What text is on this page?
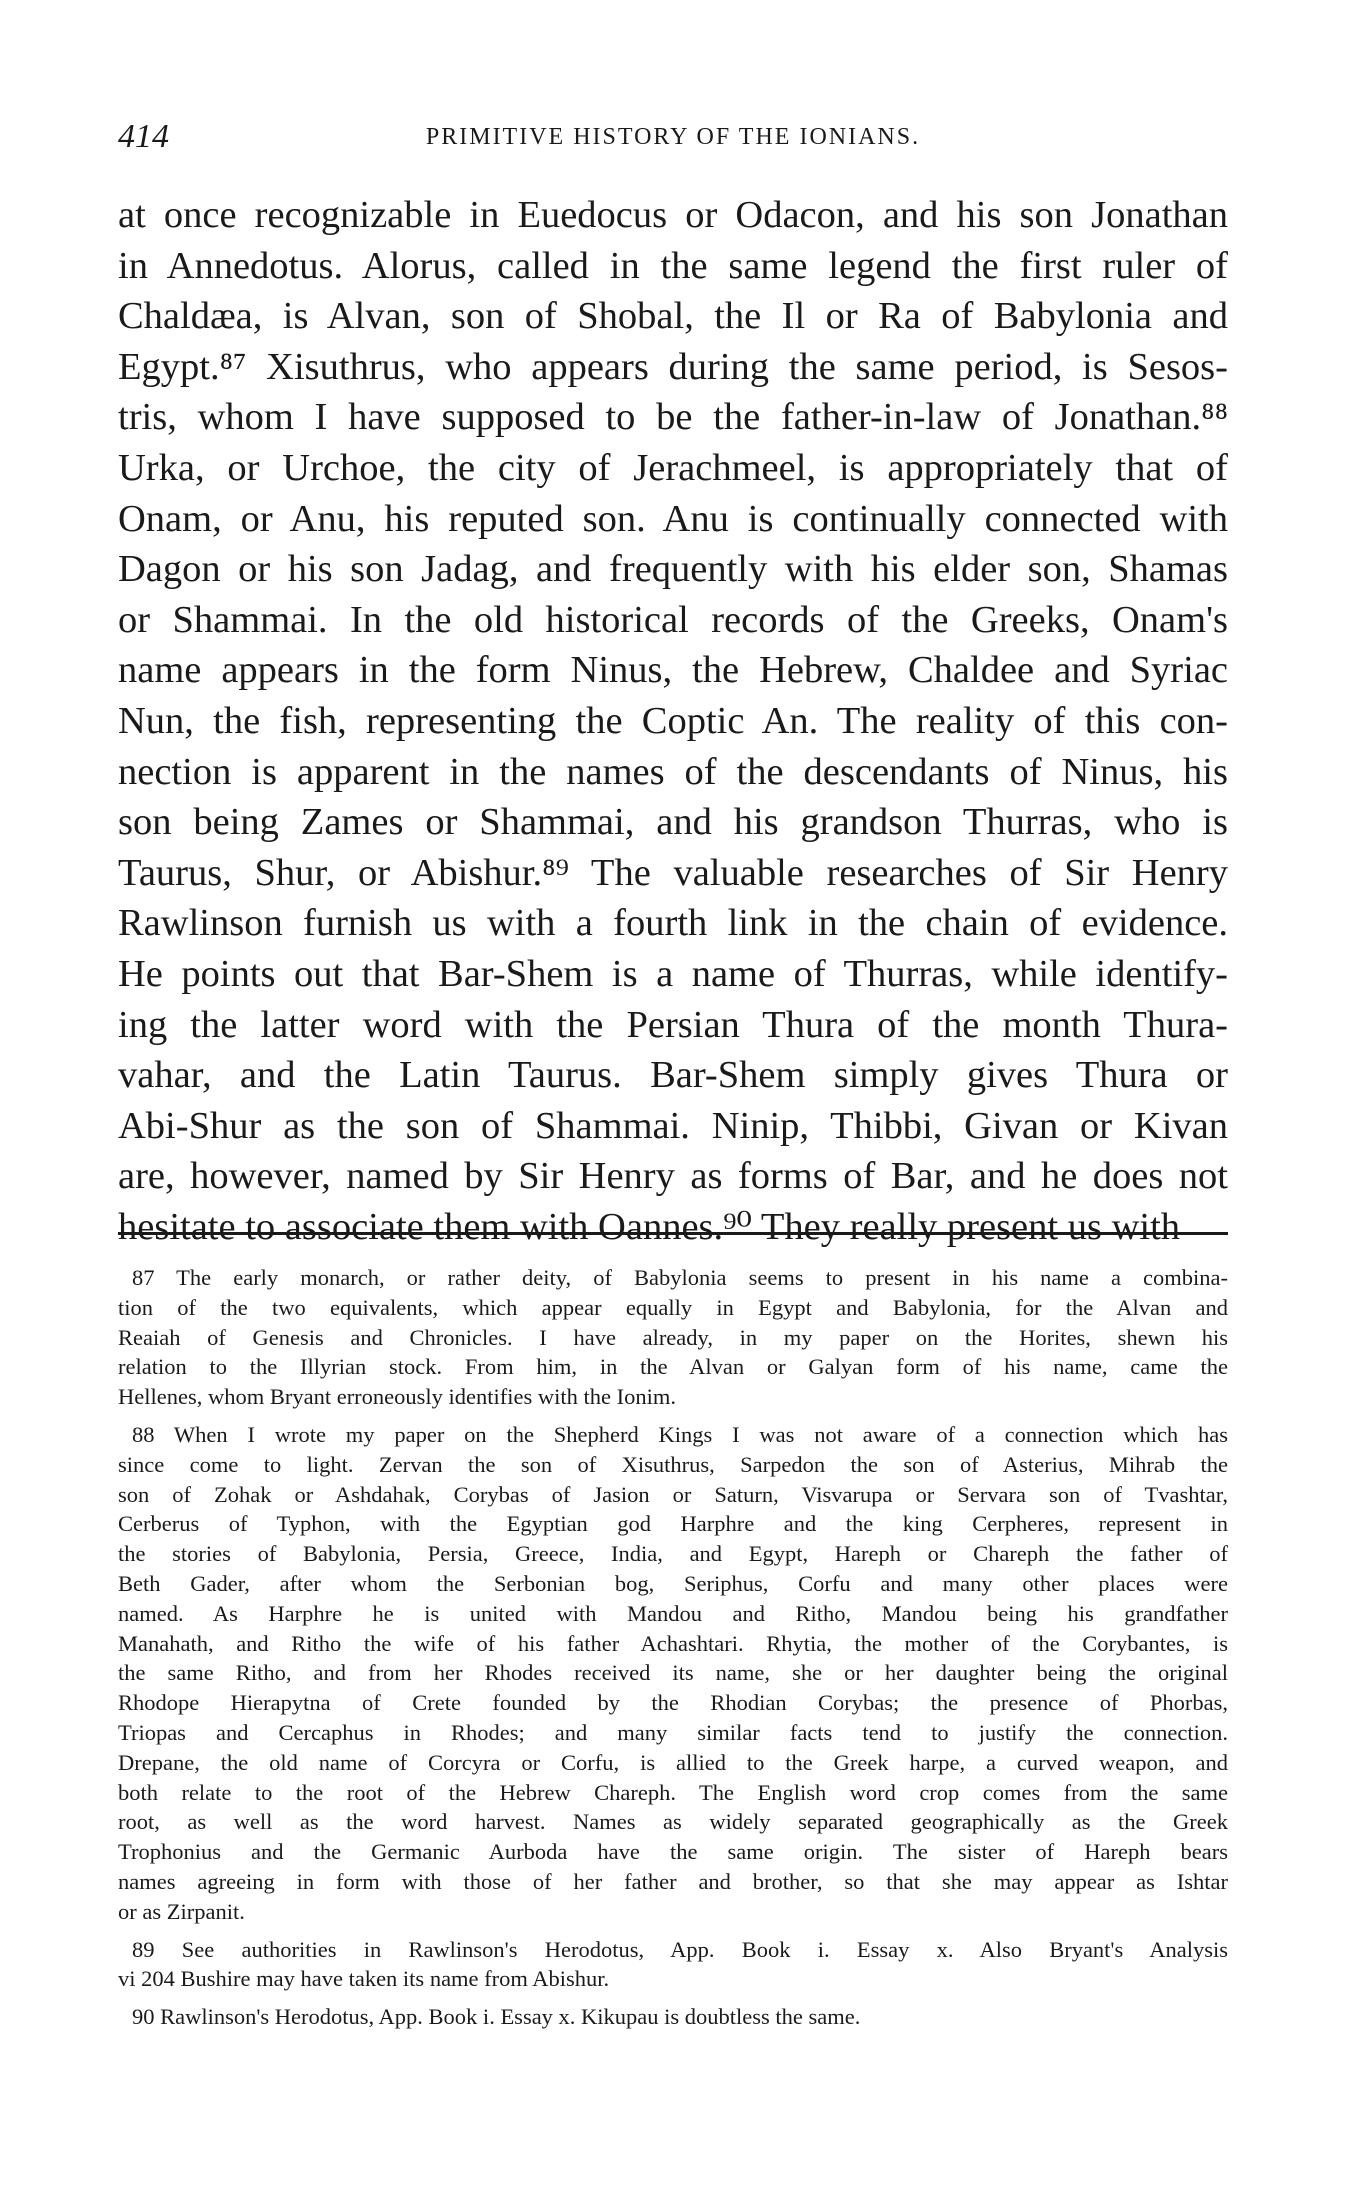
414	PRIMITIVE HISTORY OF THE IONIANS.
at once recognizable in Euedocus or Odacon, and his son Jonathan
in Annedotus. Alorus, called in the same legend the first ruler of
Chaldæa, is Alvan, son of Shobal, the Il or Ra of Babylonia and
Egypt.⁸⁷ Xisuthrus, who appears during the same period, is Sesos-
tris, whom I have supposed to be the father-in-law of Jonathan.⁸⁸
Urka, or Urchoe, the city of Jerachmeel, is appropriately that of
Onam, or Anu, his reputed son. Anu is continually connected with
Dagon or his son Jadag, and frequently with his elder son, Shamas
or Shammai. In the old historical records of the Greeks, Onam's
name appears in the form Ninus, the Hebrew, Chaldee and Syriac
Nun, the fish, representing the Coptic An. The reality of this con-
nection is apparent in the names of the descendants of Ninus, his
son being Zames or Shammai, and his grandson Thurras, who is
Taurus, Shur, or Abishur.⁸⁹ The valuable researches of Sir Henry
Rawlinson furnish us with a fourth link in the chain of evidence.
He points out that Bar-Shem is a name of Thurras, while identify-
ing the latter word with the Persian Thura of the month Thura-
vahar, and the Latin Taurus. Bar-Shem simply gives Thura or
Abi-Shur as the son of Shammai. Ninip, Thibbi, Givan or Kivan
are, however, named by Sir Henry as forms of Bar, and he does not
hesitate to associate them with Oannes.⁹⁰ They really present us with
87 The early monarch, or rather deity, of Babylonia seems to present in his name a combina-
tion of the two equivalents, which appear equally in Egypt and Babylonia, for the Alvan and
Reaiah of Genesis and Chronicles. I have already, in my paper on the Horites, shewn his
relation to the Illyrian stock. From him, in the Alvan or Galyan form of his name, came the
Hellenes, whom Bryant erroneously identifies with the Ionim.
88 When I wrote my paper on the Shepherd Kings I was not aware of a connection which has
since come to light. Zervan the son of Xisuthrus, Sarpedon the son of Asterius, Mihrab the
son of Zohak or Ashdahak, Corybas of Jasion or Saturn, Visvarupa or Servara son of Tvashtar,
Cerberus of Typhon, with the Egyptian god Harphre and the king Cerpheres, represent in
the stories of Babylonia, Persia, Greece, India, and Egypt, Hareph or Chareph the father of
Beth Gader, after whom the Serbonian bog, Seriphus, Corfu and many other places were
named. As Harphre he is united with Mandou and Ritho, Mandou being his grandfather
Manahath, and Ritho the wife of his father Achashtari. Rhytia, the mother of the Corybantes, is
the same Ritho, and from her Rhodes received its name, she or her daughter being the original
Rhodope Hierapytna of Crete founded by the Rhodian Corybas; the presence of Phorbas,
Triopas and Cercaphus in Rhodes; and many similar facts tend to justify the connection.
Drepane, the old name of Corcyra or Corfu, is allied to the Greek harpe, a curved weapon, and
both relate to the root of the Hebrew Chareph. The English word crop comes from the same
root, as well as the word harvest. Names as widely separated geographically as the Greek
Trophonius and the Germanic Aurboda have the same origin. The sister of Hareph bears
names agreeing in form with those of her father and brother, so that she may appear as Ishtar
or as Zirpanit.
89 See authorities in Rawlinson's Herodotus, App. Book i. Essay x. Also Bryant's Analysis
vi 204 Bushire may have taken its name from Abishur.
90 Rawlinson's Herodotus, App. Book i. Essay x. Kikupau is doubtless the same.
